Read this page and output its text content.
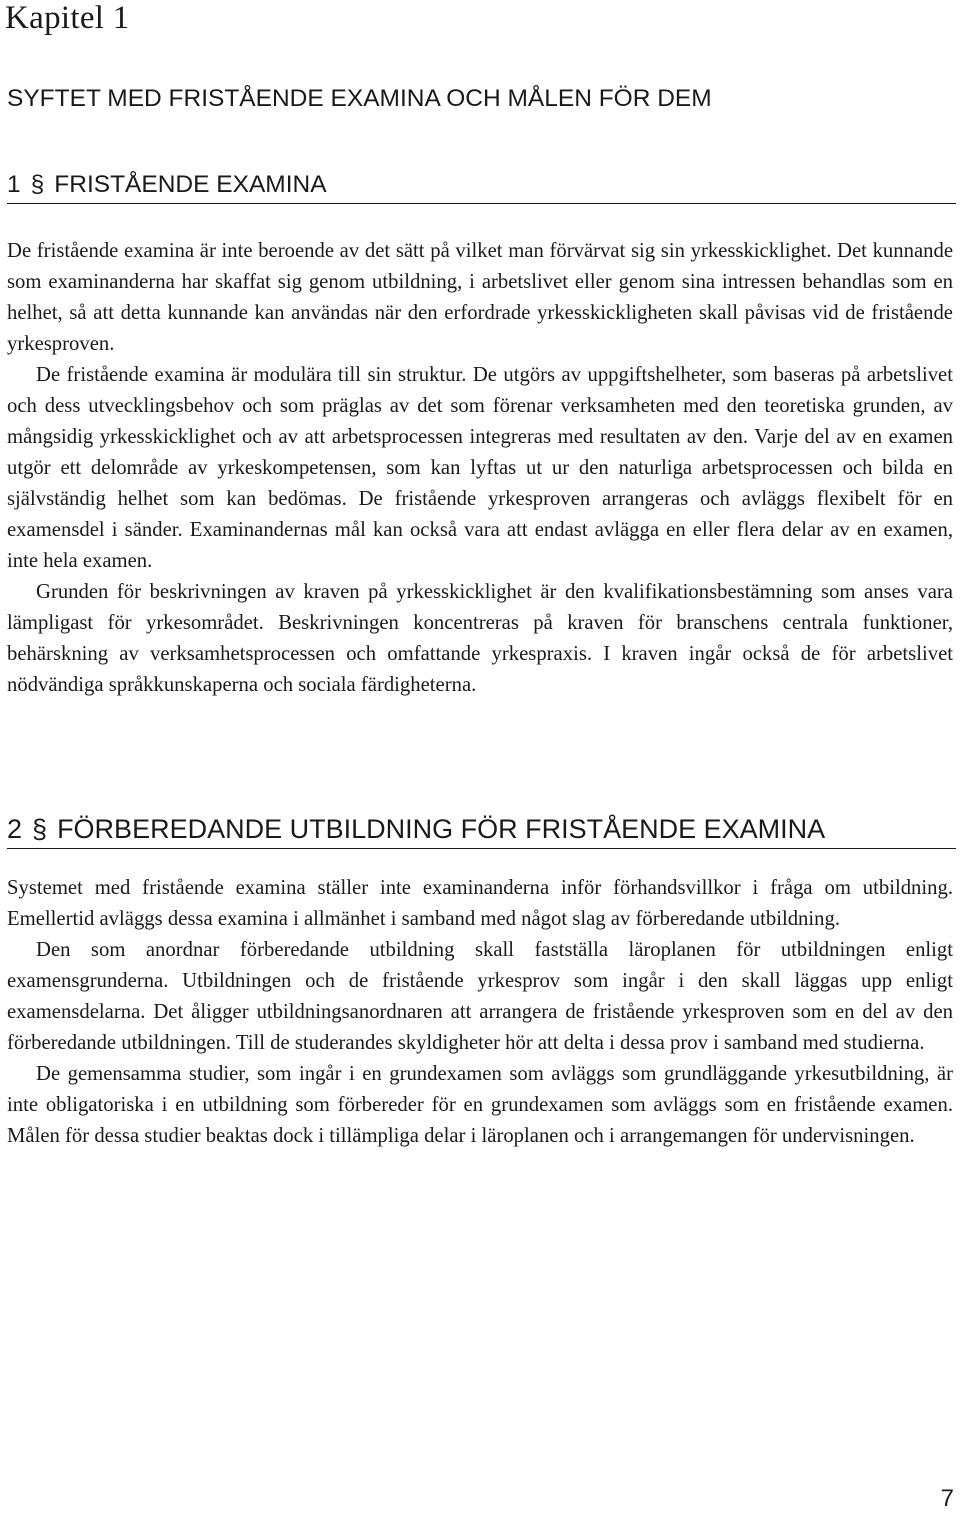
Kapitel 1
SYFTET MED FRISTÅENDE EXAMINA OCH MÅLEN FÖR DEM
1 § FRISTÅENDE EXAMINA

De fristående examina är inte beroende av det sätt på vilket man förvärvat sig sin yrkesskicklighet. Det kunnande som examinanderna har skaffat sig genom utbildning, i arbetslivet eller genom sina intressen behandlas som en helhet, så att detta kunnande kan användas när den erfordrade yrkesskickligheten skall påvisas vid de fristående yrkesproven.

De fristående examina är modulära till sin struktur. De utgörs av uppgiftshelheter, som baseras på arbetslivet och dess utvecklingsbehov och som präglas av det som förenar verksamheten med den teoretiska grunden, av mångsidig yrkesskicklighet och av att arbetsprocessen integreras med resultaten av den. Varje del av en examen utgör ett delområde av yrkeskompetensen, som kan lyftas ut ur den naturliga arbetsprocessen och bilda en självständig helhet som kan bedömas. De fristående yrkesproven arrangeras och avläggs flexibelt för en examensdel i sänder. Examinandernas mål kan också vara att endast avlägga en eller flera delar av en examen, inte hela examen.

Grunden för beskrivningen av kraven på yrkesskicklighet är den kvalifikationsbestämning som anses vara lämpligast för yrkesområdet. Beskrivningen koncentreras på kraven för branschens centrala funktioner, behärskning av verksamhetsprocessen och omfattande yrkespraxis. I kraven ingår också de för arbetslivet nödvändiga språkkunskaperna och sociala färdigheterna.

2 § FÖRBEREDANDE UTBILDNING FÖR FRISTÅENDE EXAMINA

Systemet med fristående examina ställer inte examinanderna inför förhandsvillkor i fråga om utbildning. Emellertid avläggs dessa examina i allmänhet i samband med något slag av förberedande utbildning.

Den som anordnar förberedande utbildning skall fastställa läroplanen för utbildningen enligt examensgrunderna. Utbildningen och de fristående yrkesprov som ingår i den skall läggas upp enligt examensdelarna. Det åligger utbildningsanordnaren att arrangera de fristående yrkesproven som en del av den förberedande utbildningen. Till de studerandes skyldigheter hör att delta i dessa prov i samband med studierna.

De gemensamma studier, som ingår i en grundexamen som avläggs som grundläggande yrkesutbildning, är inte obligatoriska i en utbildning som förbereder för en grundexamen som avläggs som en fristående examen. Målen för dessa studier beaktas dock i tillämpliga delar i läroplanen och i arrangemangen för undervisningen.

7
